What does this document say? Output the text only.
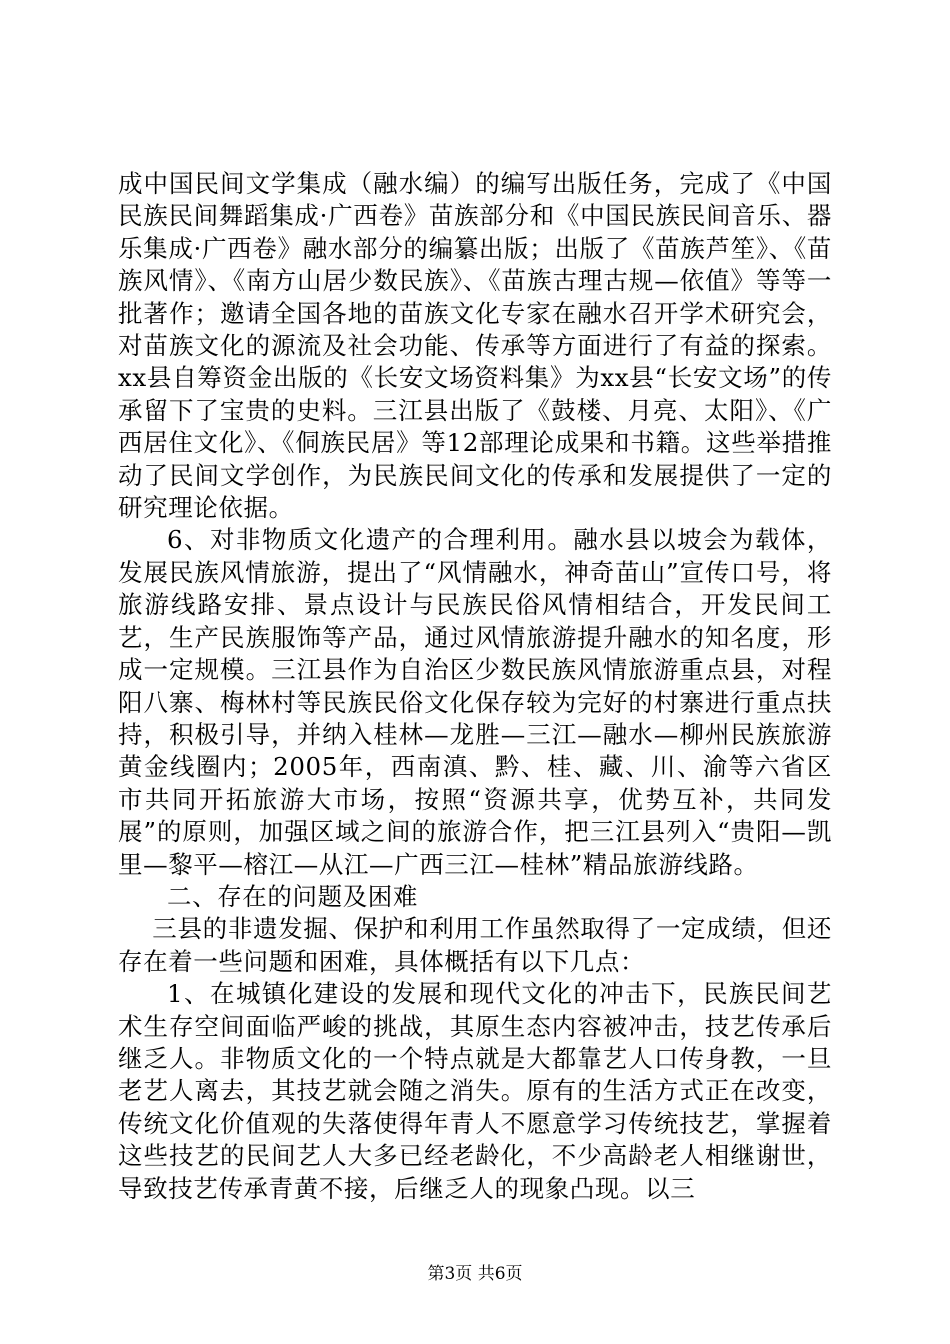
成中国民间文学集成（融水编）的编写出版任务，完成了《中国民族民间舞蹈集成·广西卷》苗族部分和《中国民族民间音乐、器乐集成·广西卷》融水部分的编纂出版；出版了《苗族芦笙》、《苗族风情》、《南方山居少数民族》、《苗族古理古规—依值》等等一批著作；邀请全国各地的苗族文化专家在融水召开学术研究会，对苗族文化的源流及社会功能、传承等方面进行了有益的探索。xx县自筹资金出版的《长安文场资料集》为xx县“长安文场”的传承留下了宝贵的史料。三江县出版了《鼓楼、月亮、太阳》、《广西居住文化》、《侗族民居》等12部理论成果和书籍。这些举措推动了民间文学创作，为民族民间文化的传承和发展提供了一定的研究理论依据。

6、对非物质文化遗产的合理利用。融水县以坡会为载体，发展民族风情旅游，提出了“风情融水，神奇苗山”宣传口号，将旅游线路安排、景点设计与民族民俗风情相结合，开发民间工艺，生产民族服饰等产品，通过风情旅游提升融水的知名度，形成一定规模。三江县作为自治区少数民族风情旅游重点县，对程阳八寨、梅林村等民族民俗文化保存较为完好的村寨进行重点扶持，积极引导，并纳入桂林—龙胜—三江—融水—柳州民族旅游黄金线圈内；2005年，西南滇、黔、桂、藏、川、渝等六省区市共同开拓旅游大市场，按照“资源共享，优势互补，共同发展”的原则，加强区域之间的旅游合作，把三江县列入“贵阳—凯里—黎平—榕江—从江—广西三江—桂林”精品旅游线路。

二、存在的问题及困难

三县的非遗发掘、保护和利用工作虽然取得了一定成绩，但还存在着一些问题和困难，具体概括有以下几点：

1、在城镇化建设的发展和现代文化的冲击下，民族民间艺术生存空间面临严峻的挑战，其原生态内容被冲击，技艺传承后继乏人。非物质文化的一个特点就是大都靠艺人口传身教，一旦老艺人离去，其技艺就会随之消失。原有的生活方式正在改变，传统文化价值观的失落使得年青人不愿意学习传统技艺，掌握着这些技艺的民间艺人大多已经老龄化，不少高龄老人相继谢世，导致技艺传承青黄不接，后继乏人的现象凸现。以三

第3页 共6页
